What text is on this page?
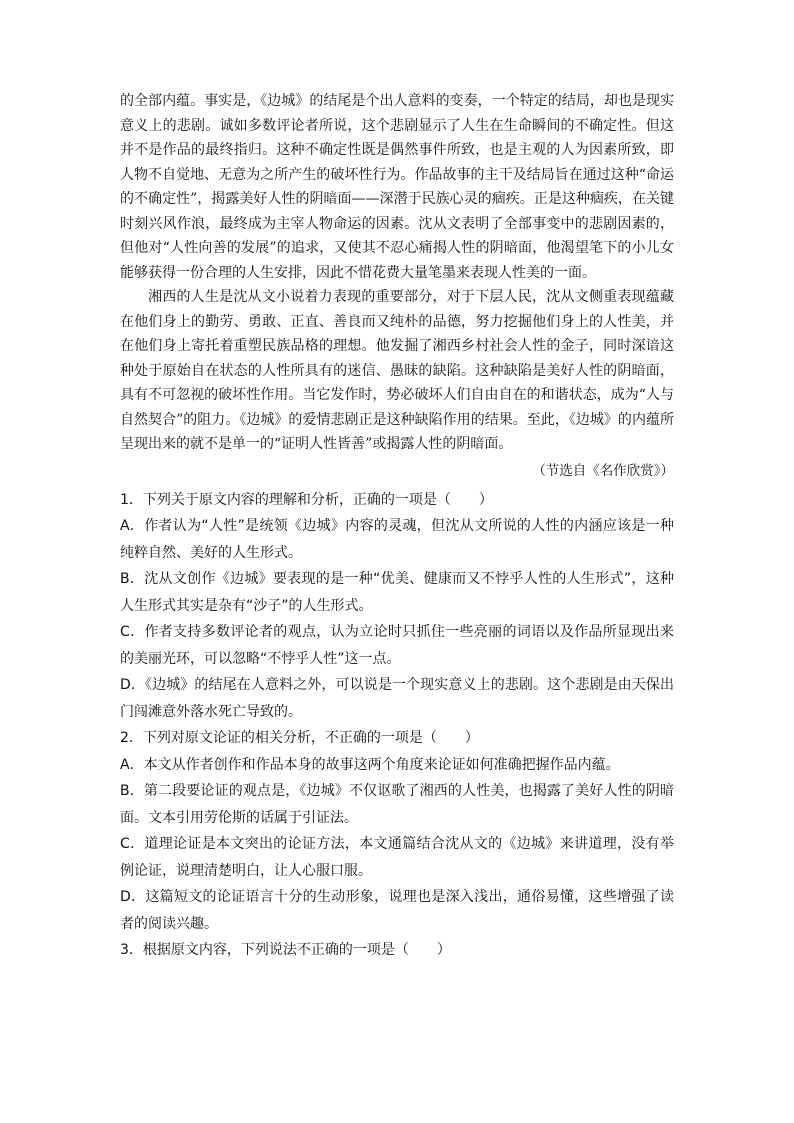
的全部内蕴。事实是，《边城》的结尾是个出人意料的变奏，一个特定的结局，却也是现实意义上的悲剧。诚如多数评论者所说，这个悲剧显示了人生在生命瞬间的不确定性。但这并不是作品的最终指归。这种不确定性既是偶然事件所致，也是主观的人为因素所致，即人物不自觉地、无意为之所产生的破坏性行为。作品故事的主干及结局旨在通过这种“命运的不确定性”，揭露美好人性的阴暗面——深潜于民族心灵的痼疾。正是这种痼疾，在关键时刻兴风作浪，最终成为主宰人物命运的因素。沈从文表明了全部事变中的悲剧因素的，但他对“人性向善的发展”的追求，又使其不忍心痛揭人性的阴暗面，他渴望笔下的小儿女能够获得一份合理的人生安排，因此不惜花费大量笔墨来表现人性美的一面。

湘西的人生是沈从文小说着力表现的重要部分，对于下层人民，沈从文侧重表现蕴藏在他们身上的勤劳、勇敢、正直、善良而又纯朴的品德，努力挖掘他们身上的人性美，并在他们身上寄托着重塑民族品格的理想。他发掘了湘西乡村社会人性的金子，同时深谙这种处于原始自在状态的人性所具有的迷信、愚昧的缺陷。这种缺陷是美好人性的阴暗面，具有不可忽视的破坏性作用。当它发作时，势必破坏人们自由自在的和谐状态，成为“人与自然契合”的阻力。《边城》的爱情悲剧正是这种缺陷作用的结果。至此，《边城》的内蕴所呈现出来的就不是单一的“证明人性皆善”或揭露人性的阴暗面。

（节选自《名作欣赏》）

1．下列关于原文内容的理解和分析，正确的一项是（　　）

A．作者认为“人性”是统领《边城》内容的灵魂，但沈从文所说的人性的内涵应该是一种纯粹自然、美好的人生形式。

B．沈从文创作《边城》要表现的是一种“优美、健康而又不悖乎人性的人生形式”，这种人生形式其实是杂有“沙子”的人生形式。

C．作者支持多数评论者的观点，认为立论时只抓住一些亮丽的词语以及作品所显现出来的美丽光环，可以忽略“不悖乎人性”这一点。

D．《边城》的结尾在人意料之外，可以说是一个现实意义上的悲剧。这个悲剧是由天保出门闯滩意外落水死亡导致的。

2．下列对原文论证的相关分析，不正确的一项是（　　）

A．本文从作者创作和作品本身的故事这两个角度来论证如何准确把握作品内蕴。

B．第二段要论证的观点是，《边城》不仅讴歌了湘西的人性美，也揭露了美好人性的阴暗面。文本引用劳伦斯的话属于引证法。

C．道理论证是本文突出的论证方法，本文通篇结合沈从文的《边城》来讲道理，没有举例论证，说理清楚明白，让人心服口服。

D．这篇短文的论证语言十分的生动形象，说理也是深入浅出，通俗易懂，这些增强了读者的阅读兴趣。

3．根据原文内容，下列说法不正确的一项是（　　）
